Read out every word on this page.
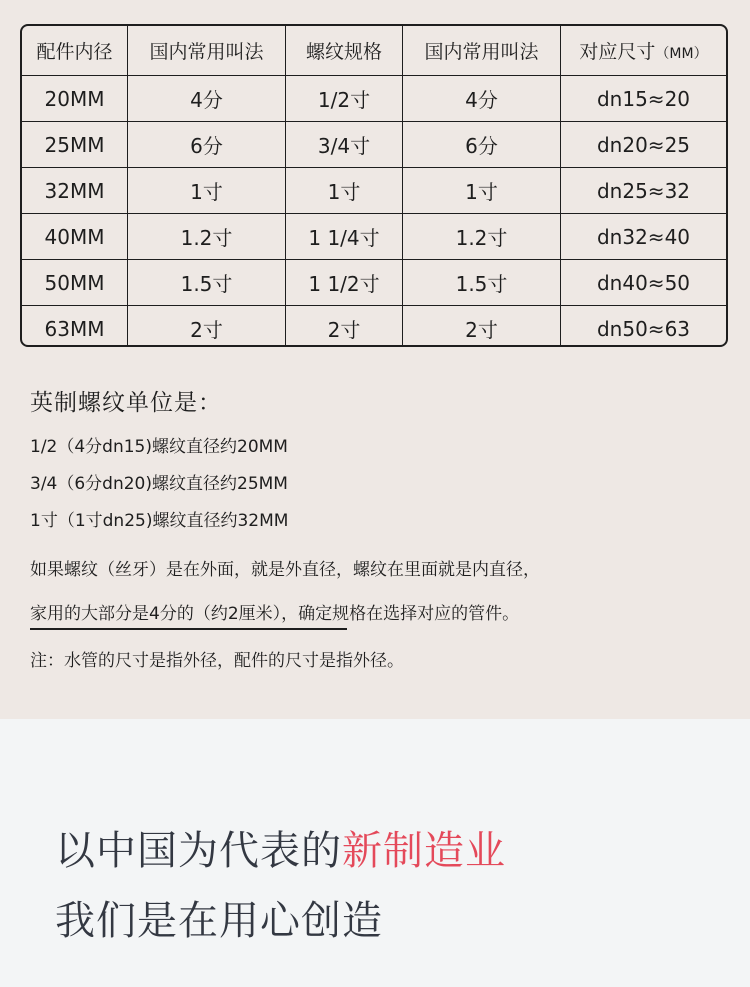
配件内径	国内常用叫法	螺纹规格	国内常用叫法	对应尺寸（MM）
20MM	4分	1/2寸	4分	dn15≈20
25MM	6分	3/4寸	6分	dn20≈25
32MM	1寸	1寸	1寸	dn25≈32
40MM	1.2寸	1 1/4寸	1.2寸	dn32≈40
50MM	1.5寸	1 1/2寸	1.5寸	dn40≈50
63MM	2寸	2寸	2寸	dn50≈63
英制螺纹单位是：
1/2（4分dn15)螺纹直径约20MM
3/4（6分dn20)螺纹直径约25MM
1寸（1寸dn25)螺纹直径约32MM
如果螺纹（丝牙）是在外面，就是外直径，螺纹在里面就是内直径，
家用的大部分是4分的（约2厘米），确定规格在选择对应的管件。
注：水管的尺寸是指外径，配件的尺寸是指外径。
以中国为代表的新制造业
我们是在用心创造
